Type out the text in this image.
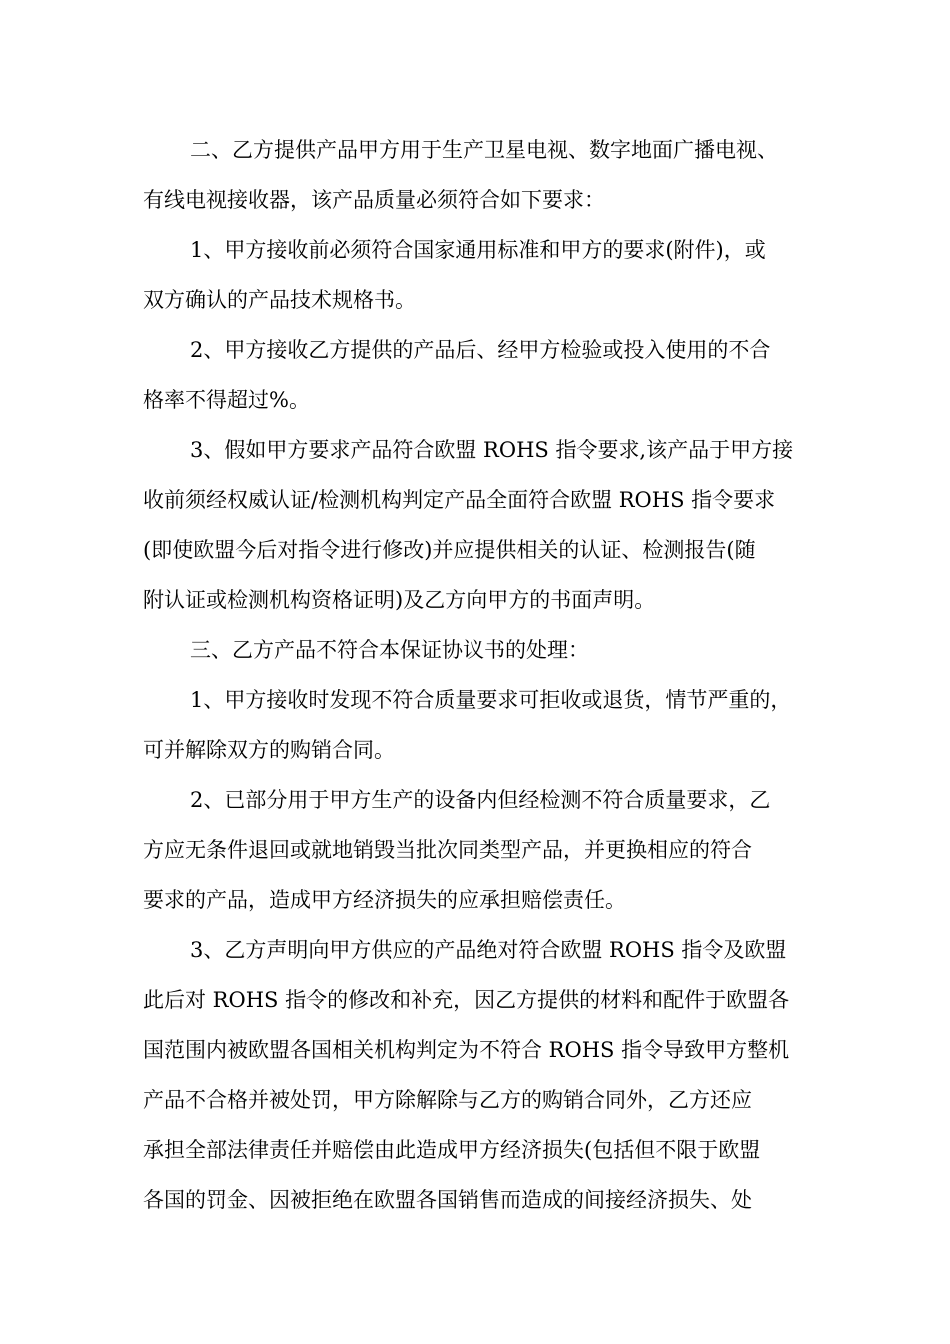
二、乙方提供产品甲方用于生产卫星电视、数字地面广播电视、

有线电视接收器，该产品质量必须符合如下要求：

1、甲方接收前必须符合国家通用标准和甲方的要求(附件)，或

双方确认的产品技术规格书。

2、甲方接收乙方提供的产品后、经甲方检验或投入使用的不合

格率不得超过%。

3、假如甲方要求产品符合欧盟 ROHS 指令要求,该产品于甲方接

收前须经权威认证/检测机构判定产品全面符合欧盟 ROHS 指令要求

(即使欧盟今后对指令进行修改)并应提供相关的认证、检测报告(随

附认证或检测机构资格证明)及乙方向甲方的书面声明。

三、乙方产品不符合本保证协议书的处理：

1、甲方接收时发现不符合质量要求可拒收或退货，情节严重的，

可并解除双方的购销合同。

2、已部分用于甲方生产的设备内但经检测不符合质量要求，乙

方应无条件退回或就地销毁当批次同类型产品，并更换相应的符合

要求的产品，造成甲方经济损失的应承担赔偿责任。

3、乙方声明向甲方供应的产品绝对符合欧盟 ROHS 指令及欧盟

此后对 ROHS 指令的修改和补充，因乙方提供的材料和配件于欧盟各

国范围内被欧盟各国相关机构判定为不符合 ROHS 指令导致甲方整机

产品不合格并被处罚，甲方除解除与乙方的购销合同外，乙方还应

承担全部法律责任并赔偿由此造成甲方经济损失(包括但不限于欧盟

各国的罚金、因被拒绝在欧盟各国销售而造成的间接经济损失、处
